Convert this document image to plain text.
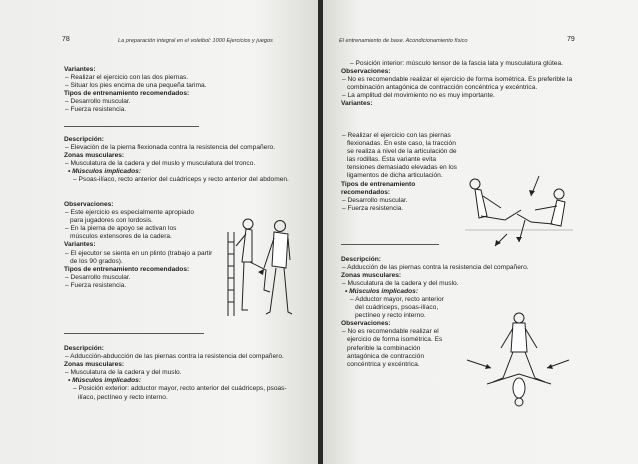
78	La preparación integral en el voleibol: 1000 Ejercicios y juegos
Variantes:
– Realizar el ejercicio con las dos piernas.
– Situar los pies encima de una pequeña tarima.
Tipos de entrenamiento recomendados:
– Desarrollo muscular.
– Fuerza resistencia.
Descripción:
– Elevación de la pierna flexionada contra la resistencia del compañero.
Zonas musculares:
– Musculatura de la cadera y del muslo y musculatura del tronco.
• Músculos implicados:
– Psoas-ilíaco, recto anterior del cuádriceps y recto anterior del abdomen.
Observaciones:
– Este ejercicio es especialmente apropiado para jugadores con lordosis.
– En la pierna de apoyo se activan los músculos extensores de la cadera.
Variantes:
– El ejecutor se sienta en un plinto (trabajo a partir de los 90 grados).
Tipos de entrenamiento recomendados:
– Desarrollo muscular.
– Fuerza resistencia.
Descripción:
– Adducción-abducción de las piernas contra la resistencia del compañero.
Zonas musculares:
– Musculatura de la cadera y del muslo.
• Músculos implicados:
– Posición exterior: adductor mayor, recto anterior del cuádriceps, psoas-ilíaco, pectíneo y recto interno.
El entrenamiento de base. Acondicionamiento físico	79
– Posición interior: músculo tensor de la fascia lata y musculatura glútea.
Observaciones:
– No es recomendable realizar el ejercicio de forma isométrica. Es preferible la combinación antagónica de contracción concéntrica y excéntrica.
– La amplitud del movimiento no es muy importante.
Variantes:
– Realizar el ejercicio con las piernas flexionadas. En este caso, la tracción se realiza a nivel de la articulación de las rodillas. Esta variante evita tensiones demasiado elevadas en los ligamentos de dicha articulación.
Tipos de entrenamiento recomendados:
– Desarrollo muscular.
– Fuerza resistencia.
Descripción:
– Adducción de las piernas contra la resistencia del compañero.
Zonas musculares:
– Musculatura de la cadera y del muslo.
• Músculos implicados:
– Adductor mayor, recto anterior del cuádriceps, psoas-ilíaco, pectíneo y recto interno.
Observaciones:
– No es recomendable realizar el ejercicio de forma isométrica. Es preferible la combinación antagónica de contracción concéntrica y excéntrica.
